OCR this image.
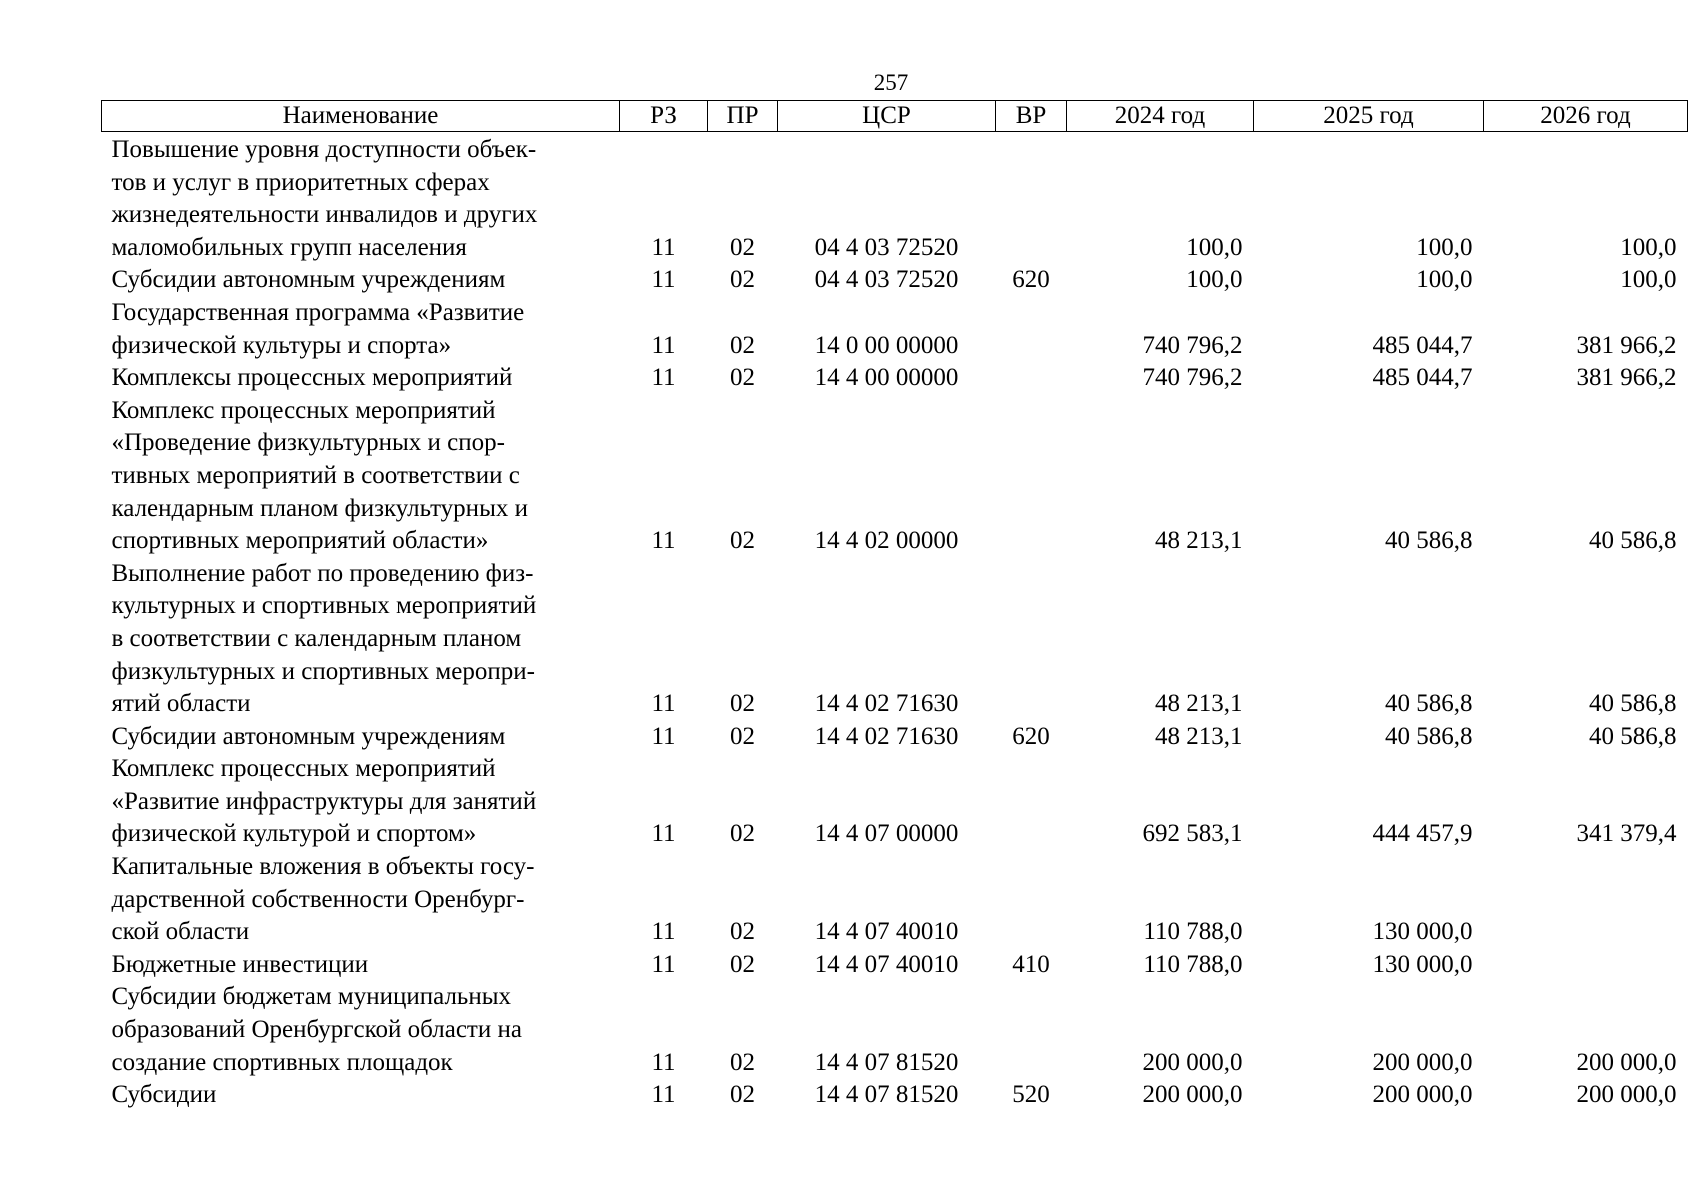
257
Наименование	РЗ	ПР	ЦСР	ВР	2024 год	2025 год	2026 год

Повышение уровня доступности объек-
тов и услуг в приоритетных сферах
жизнедеятельности инвалидов и других
маломобильных групп населения	11	02	04 4 03 72520		100,0	100,0	100,0

Субсидии автономным учреждениям	11	02	04 4 03 72520	620	100,0	100,0	100,0

Государственная программа «Развитие
физической культуры и спорта»	11	02	14 0 00 00000		740 796,2	485 044,7	381 966,2

Комплексы процессных мероприятий	11	02	14 4 00 00000		740 796,2	485 044,7	381 966,2

Комплекс процессных мероприятий
«Проведение физкультурных и спор-
тивных мероприятий в соответствии с
календарным планом физкультурных и
спортивных мероприятий области»	11	02	14 4 02 00000		48 213,1	40 586,8	40 586,8

Выполнение работ по проведению физ-
культурных и спортивных мероприятий
в соответствии с календарным планом
физкультурных и спортивных меропри-
ятий области	11	02	14 4 02 71630		48 213,1	40 586,8	40 586,8

Субсидии автономным учреждениям	11	02	14 4 02 71630	620	48 213,1	40 586,8	40 586,8

Комплекс процессных мероприятий
«Развитие инфраструктуры для занятий
физической культурой и спортом»	11	02	14 4 07 00000		692 583,1	444 457,9	341 379,4

Капитальные вложения в объекты госу-
дарственной собственности Оренбург-
ской области	11	02	14 4 07 40010		110 788,0	130 000,0	

Бюджетные инвестиции	11	02	14 4 07 40010	410	110 788,0	130 000,0	

Субсидии бюджетам муниципальных
образований Оренбургской области на
создание спортивных площадок	11	02	14 4 07 81520		200 000,0	200 000,0	200 000,0

Субсидии	11	02	14 4 07 81520	520	200 000,0	200 000,0	200 000,0
